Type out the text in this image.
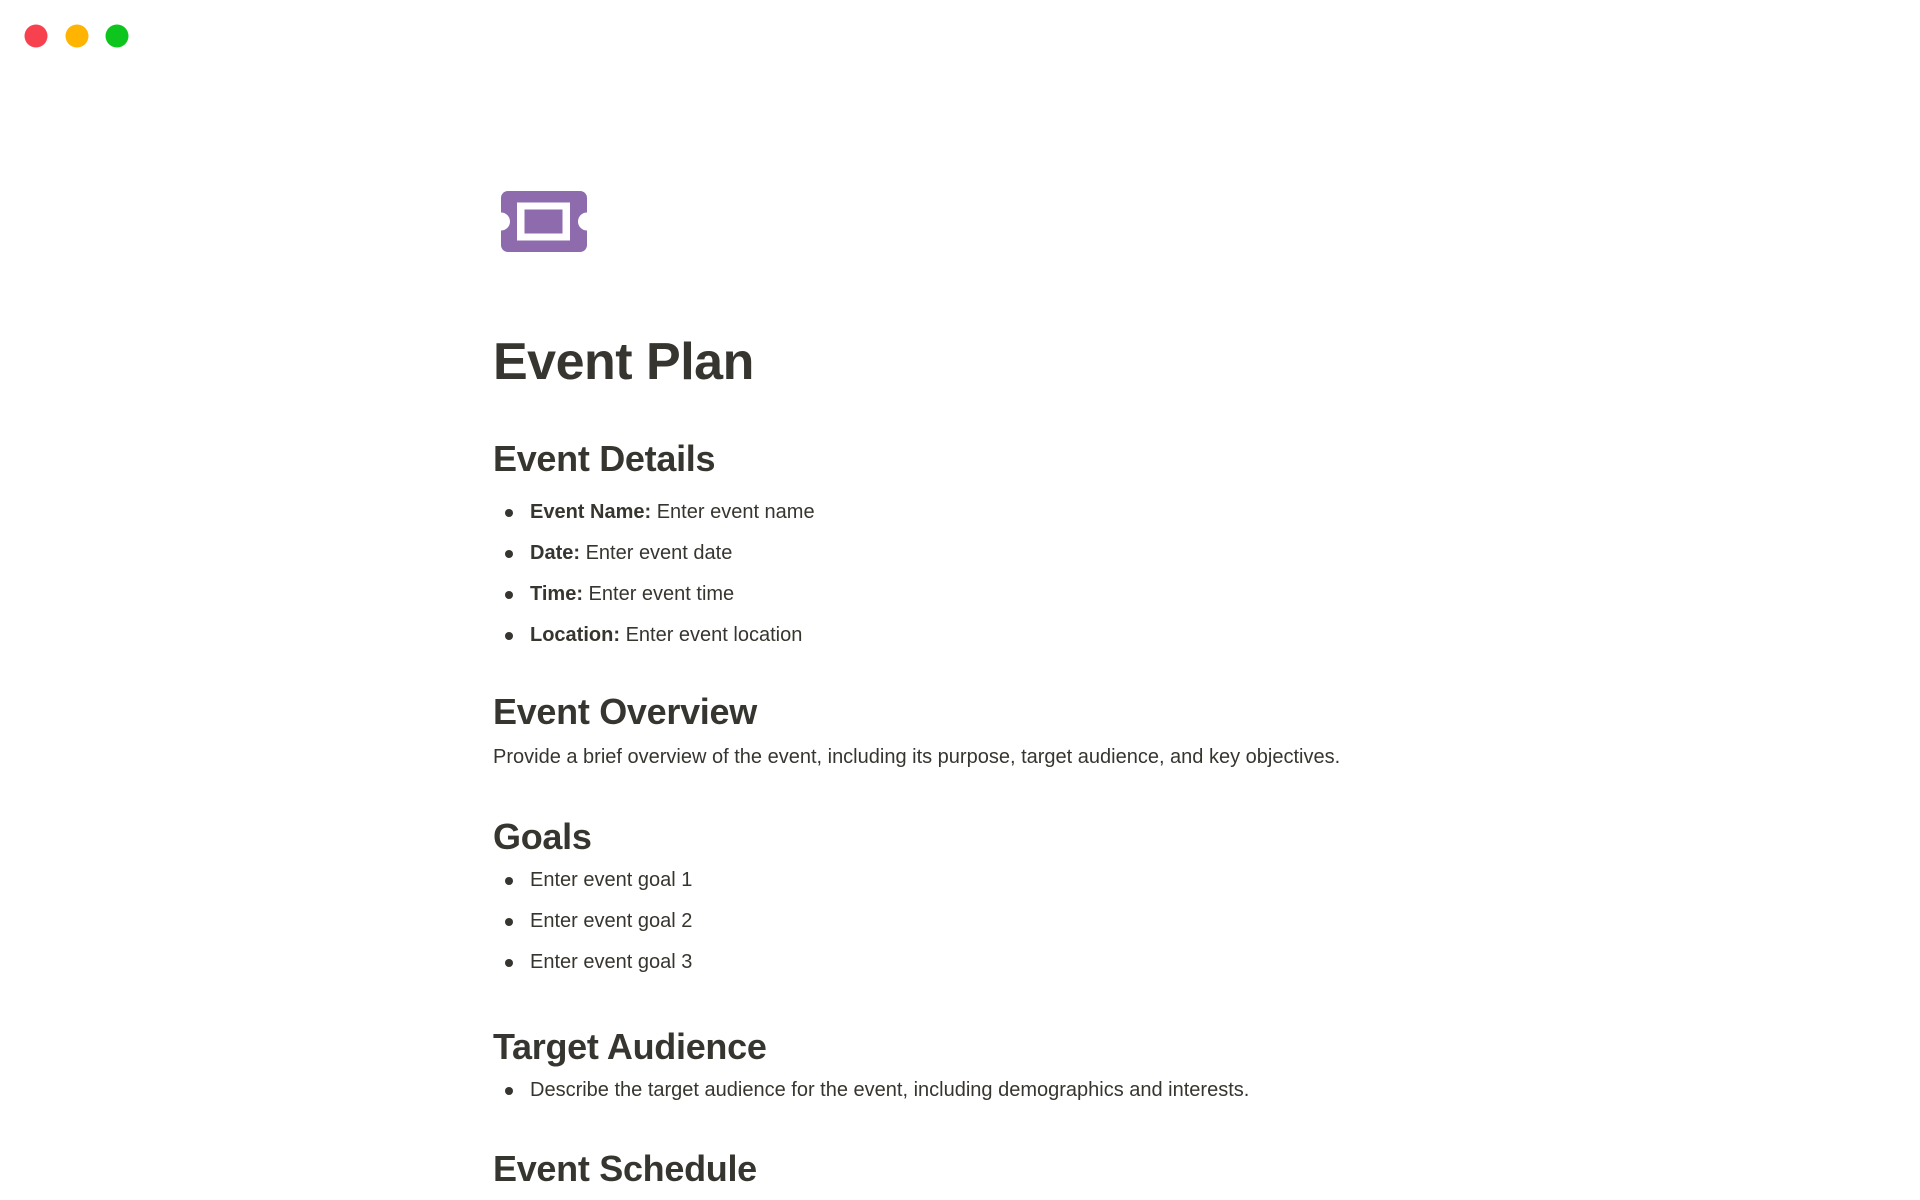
Event Plan
Event Details
Event Name: Enter event name
Date: Enter event date
Time: Enter event time
Location: Enter event location
Event Overview

Provide a brief overview of the event, including its purpose, target audience, and key objectives.

Goals
Enter event goal 1
Enter event goal 2
Enter event goal 3
Target Audience
Describe the target audience for the event, including demographics and interests.
Event Schedule
